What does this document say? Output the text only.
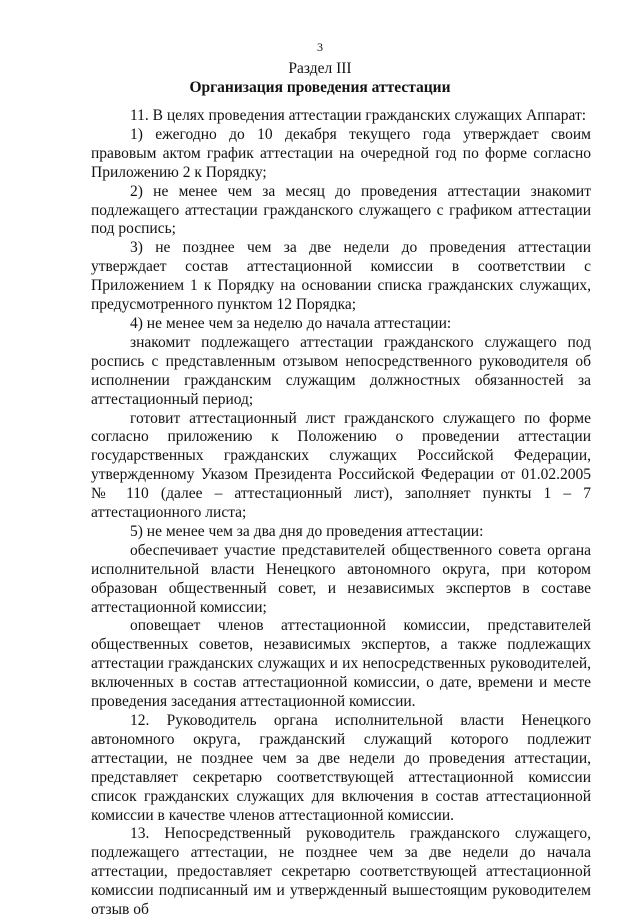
3
Раздел III
Организация проведения аттестации

11. В целях проведения аттестации гражданских служащих Аппарат:

1) ежегодно до 10 декабря текущего года утверждает своим правовым актом график аттестации на очередной год по форме согласно Приложению 2 к Порядку;

2) не менее чем за месяц до проведения аттестации знакомит подлежащего аттестации гражданского служащего с графиком аттестации под роспись;

3) не позднее чем за две недели до проведения аттестации утверждает состав аттестационной комиссии в соответствии с Приложением 1 к Порядку на основании списка гражданских служащих, предусмотренного пунктом 12 Порядка;

4) не менее чем за неделю до начала аттестации:

знакомит подлежащего аттестации гражданского служащего под роспись с представленным отзывом непосредственного руководителя об исполнении гражданским служащим должностных обязанностей за аттестационный период;

готовит аттестационный лист гражданского служащего по форме согласно приложению к Положению о проведении аттестации государственных гражданских служащих Российской Федерации, утвержденному Указом Президента Российской Федерации от 01.02.2005 № 110 (далее – аттестационный лист), заполняет пункты 1 – 7 аттестационного листа;

5) не менее чем за два дня до проведения аттестации:

обеспечивает участие представителей общественного совета органа исполнительной власти Ненецкого автономного округа, при котором образован общественный совет, и независимых экспертов в составе аттестационной комиссии;

оповещает членов аттестационной комиссии, представителей общественных советов, независимых экспертов, а также подлежащих аттестации гражданских служащих и их непосредственных руководителей, включенных в состав аттестационной комиссии, о дате, времени и месте проведения заседания аттестационной комиссии.

12. Руководитель органа исполнительной власти Ненецкого автономного округа, гражданский служащий которого подлежит аттестации, не позднее чем за две недели до проведения аттестации, представляет секретарю соответствующей аттестационной комиссии список гражданских служащих для включения в состав аттестационной комиссии в качестве членов аттестационной комиссии.

13. Непосредственный руководитель гражданского служащего, подлежащего аттестации, не позднее чем за две недели до начала аттестации, предоставляет секретарю соответствующей аттестационной комиссии подписанный им и утвержденный вышестоящим руководителем отзыв об
